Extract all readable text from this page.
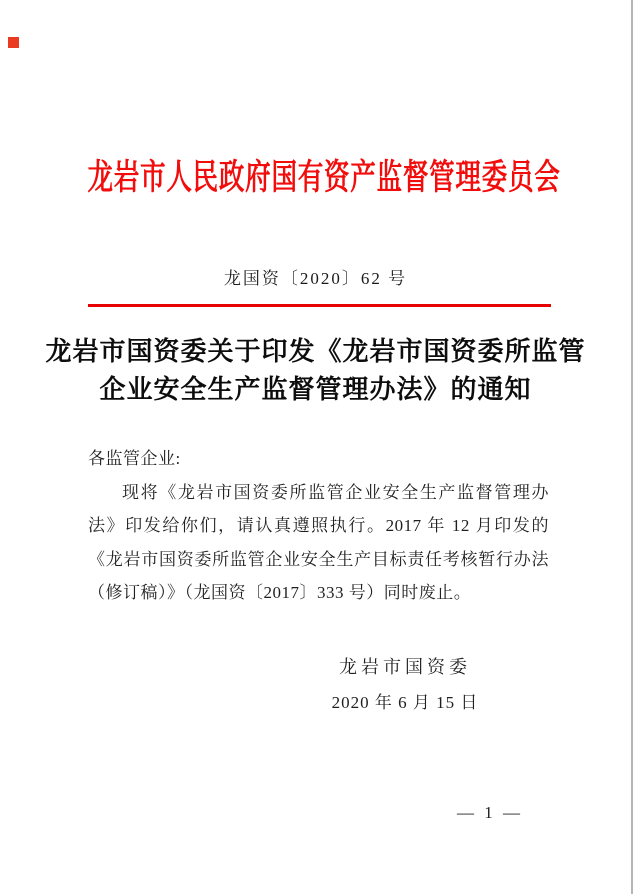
龙岩市人民政府国有资产监督管理委员会
龙国资〔2020〕62 号
龙岩市国资委关于印发《龙岩市国资委所监管
企业安全生产监督管理办法》的通知
各监管企业:
现将《龙岩市国资委所监管企业安全生产监督管理办法》印发给你们，请认真遵照执行。2017 年 12 月印发的《龙岩市国资委所监管企业安全生产目标责任考核暂行办法（修订稿）》（龙国资〔2017〕333 号）同时废止。
龙岩市国资委
2020 年 6 月 15 日
— 1 —
